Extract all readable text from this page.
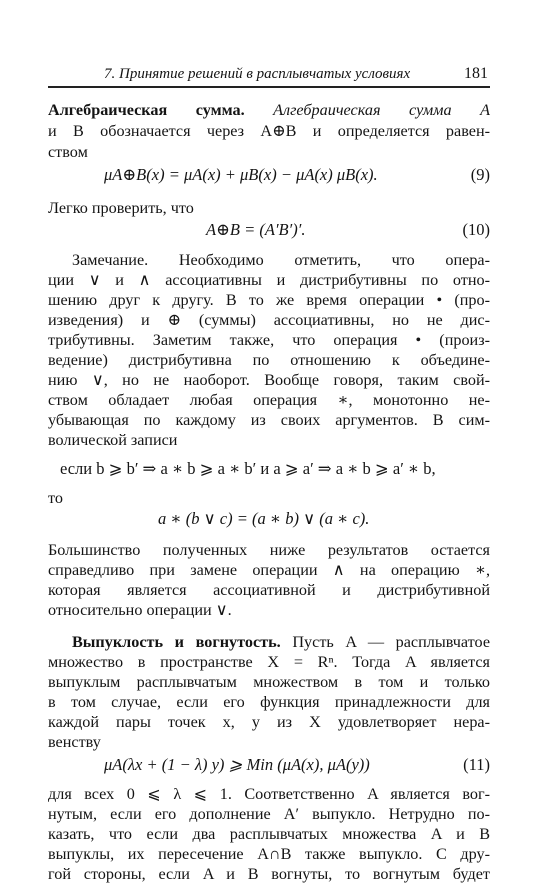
7. Принятие решений в расплывчатых условиях	181
Алгебраическая сумма. Алгебраическая сумма A
и B обозначается через A⊕B и определяется равен-
ством
μA⊕B(x) = μA(x) + μB(x) − μA(x) μB(x).	(9)
Легко проверить, что
A⊕B = (A′B′)′.	(10)
Замечание. Необходимо отметить, что опера-
ции ∨ и ∧ ассоциативны и дистрибутивны по отно-
шению друг к другу. В то же время операции • (про-
изведения) и ⊕ (суммы) ассоциативны, но не дис-
трибутивны. Заметим также, что операция • (произ-
ведение) дистрибутивна по отношению к объедине-
нию ∨, но не наоборот. Вообще говоря, таким свой-
ством обладает любая операция ∗, монотонно не-
убывающая по каждому из своих аргументов. В сим-
волической записи
если b ⩾ b′ ⇒ a ∗ b ⩾ a ∗ b′ и a ⩾ a′ ⇒ a ∗ b ⩾ a′ ∗ b,
то
a ∗ (b ∨ c) = (a ∗ b) ∨ (a ∗ c).
Большинство полученных ниже результатов остается
справедливо при замене операции ∧ на операцию ∗,
которая является ассоциативной и дистрибутивной
относительно операции ∨.
Выпуклость и вогнутость. Пусть A — расплывчатое
множество в пространстве X = Rⁿ. Тогда A является
выпуклым расплывчатым множеством в том и только
в том случае, если его функция принадлежности для
каждой пары точек x, y из X удовлетворяет нера-
венству
μA(λx + (1 − λ) y) ⩾ Min (μA(x), μA(y))	(11)
для всех 0 ⩽ λ ⩽ 1. Соответственно A является вог-
нутым, если его дополнение A′ выпукло. Нетрудно по-
казать, что если два расплывчатых множества A и B
выпуклы, их пересечение A∩B также выпукло. С дру-
гой стороны, если A и B вогнуты, то вогнутым будет
